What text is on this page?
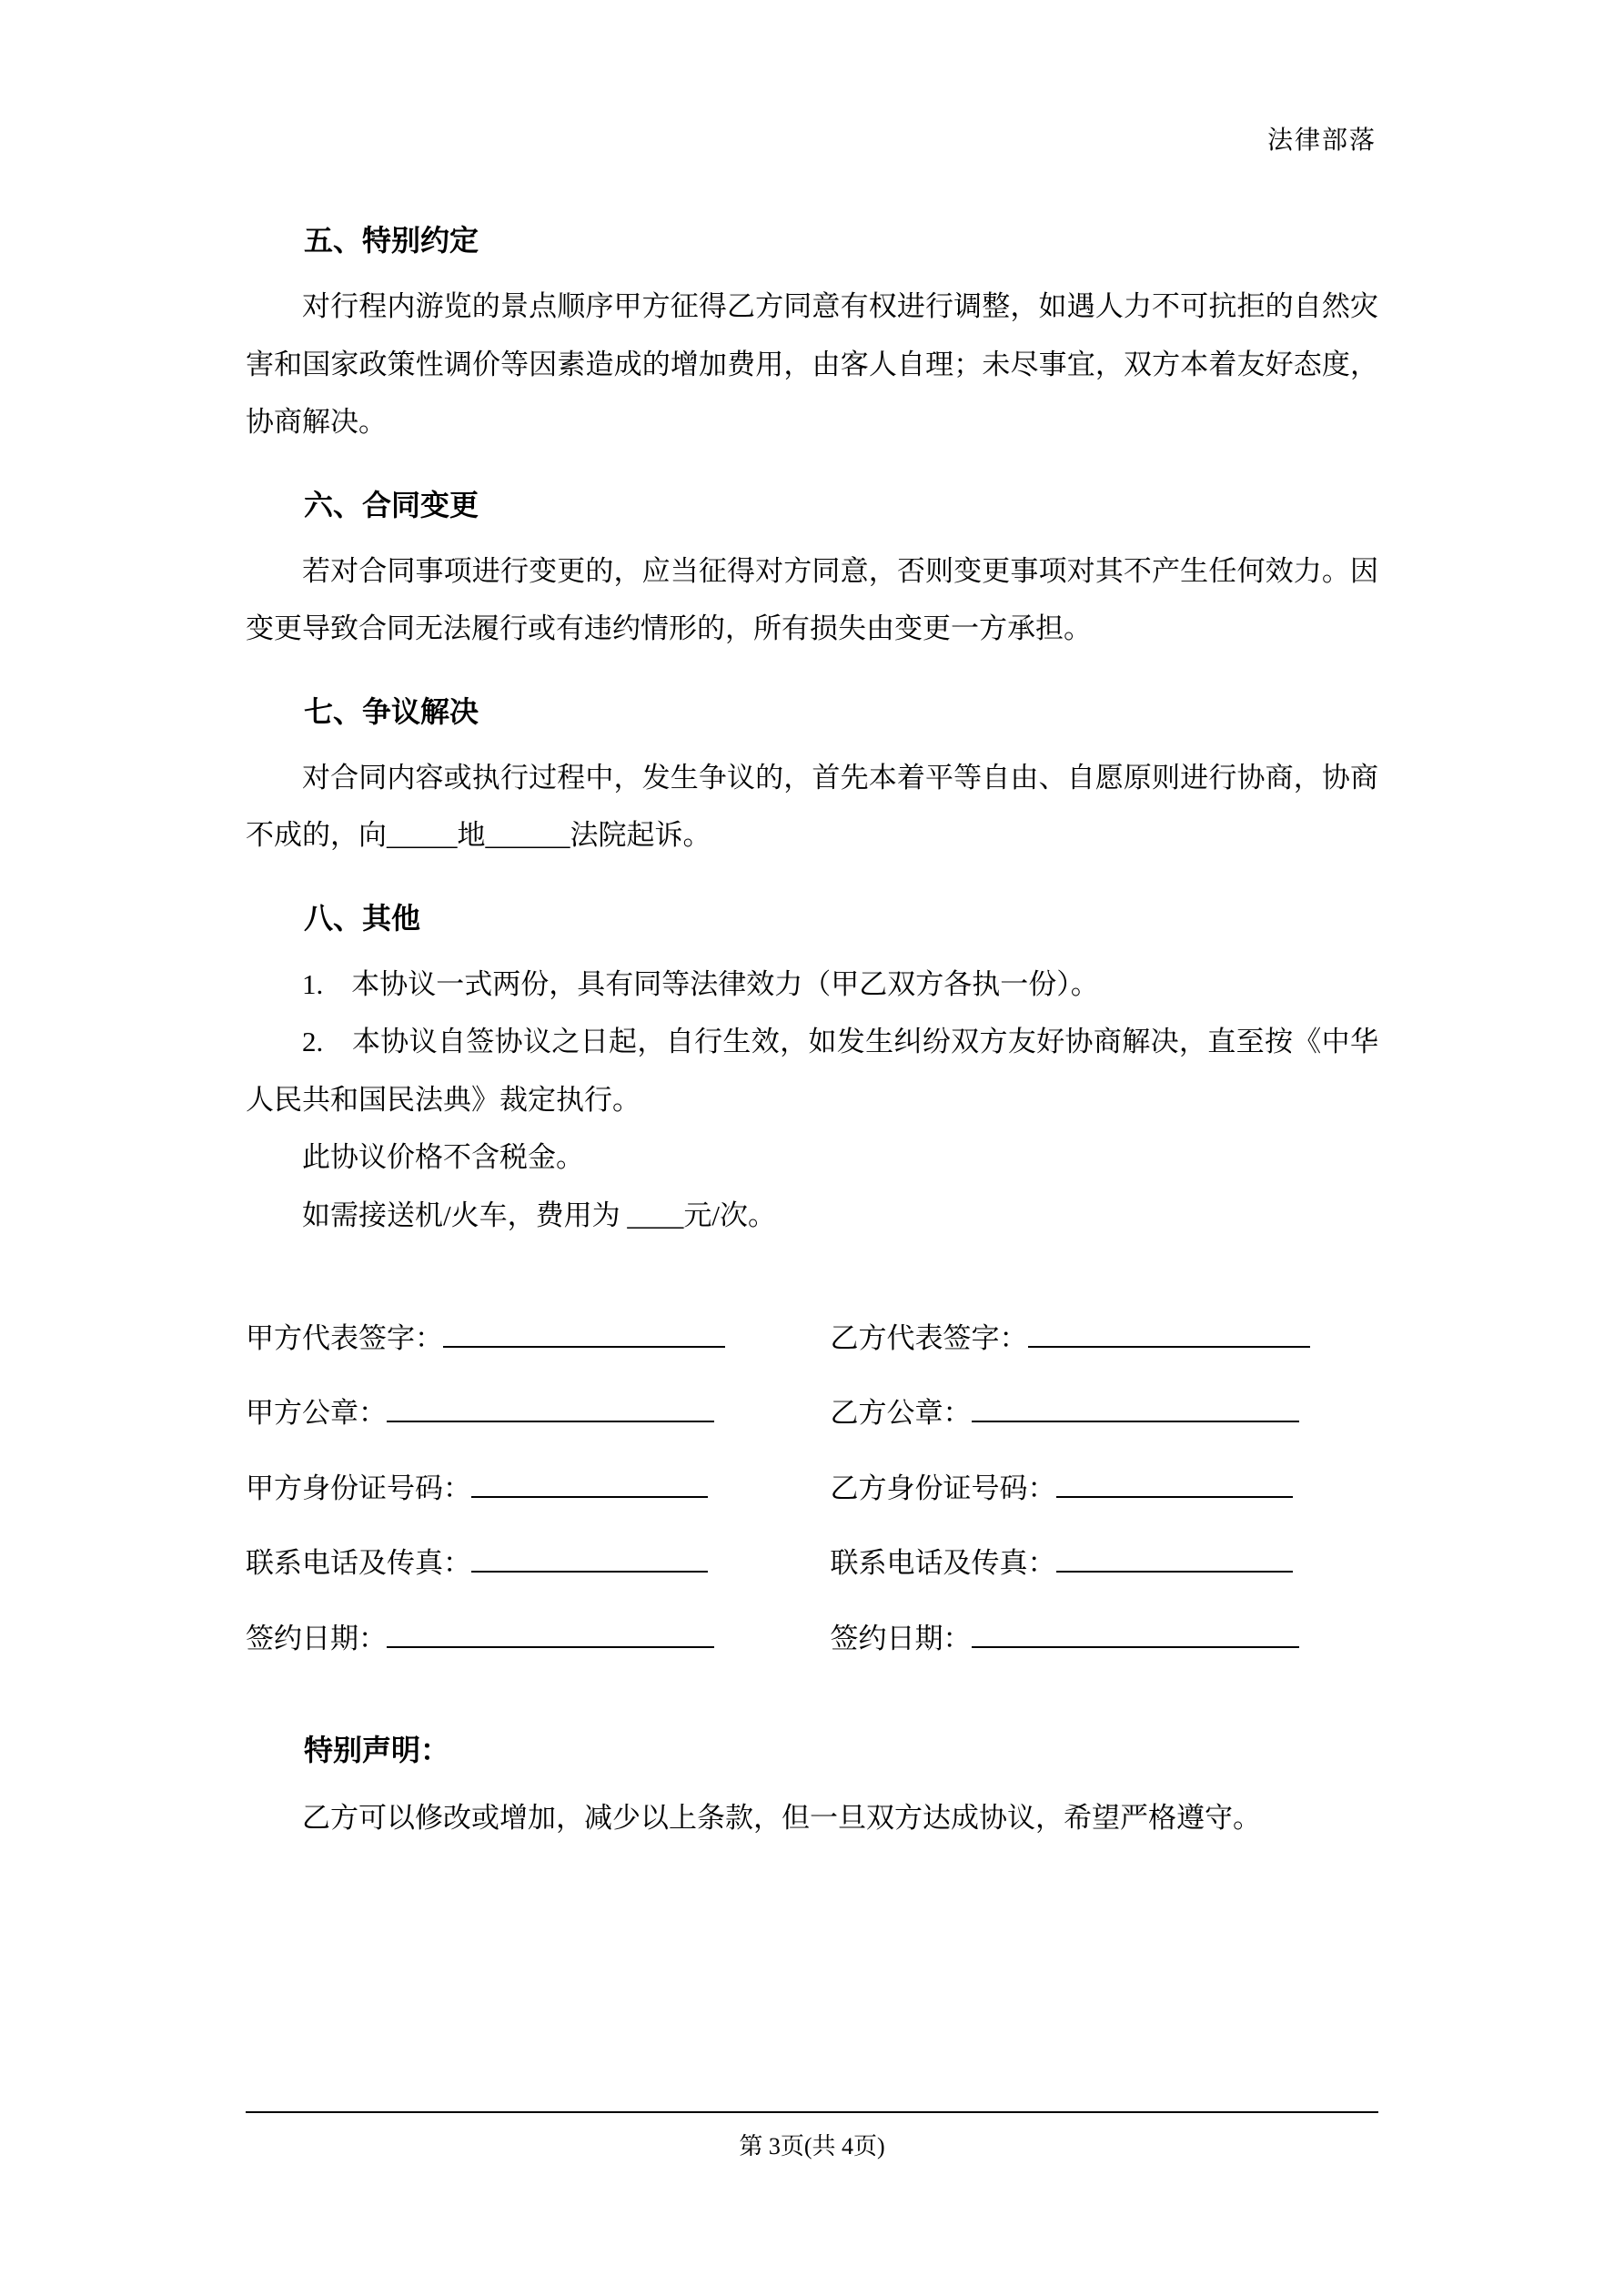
法律部落
五、特别约定

对行程内游览的景点顺序甲方征得乙方同意有权进行调整，如遇人力不可抗拒的自然灾害和国家政策性调价等因素造成的增加费用，由客人自理；未尽事宜，双方本着友好态度， 协商解决。

六、合同变更

若对合同事项进行变更的，应当征得对方同意，否则变更事项对其不产生任何效力。因变更导致合同无法履行或有违约情形的，所有损失由变更一方承担。

七、争议解决

对合同内容或执行过程中，发生争议的，首先本着平等自由、自愿原则进行协商，协商不成的，向_____地______法院起诉。

八、其他

1.　本协议一式两份，具有同等法律效力（甲乙双方各执一份）。

2.　本协议自签协议之日起，自行生效，如发生纠纷双方友好协商解决，直至按《中华人民共和国民法典》裁定执行。

此协议价格不含税金。

如需接送机/火车，费用为 ____元/次。

甲方代表签字：	乙方代表签字：
甲方公章：	乙方公章：
甲方身份证号码：	乙方身份证号码：
联系电话及传真：	联系电话及传真：
签约日期：	签约日期：
特别声明：

乙方可以修改或增加，减少以上条款，但一旦双方达成协议，希望严格遵守。

第 3页(共 4页)
